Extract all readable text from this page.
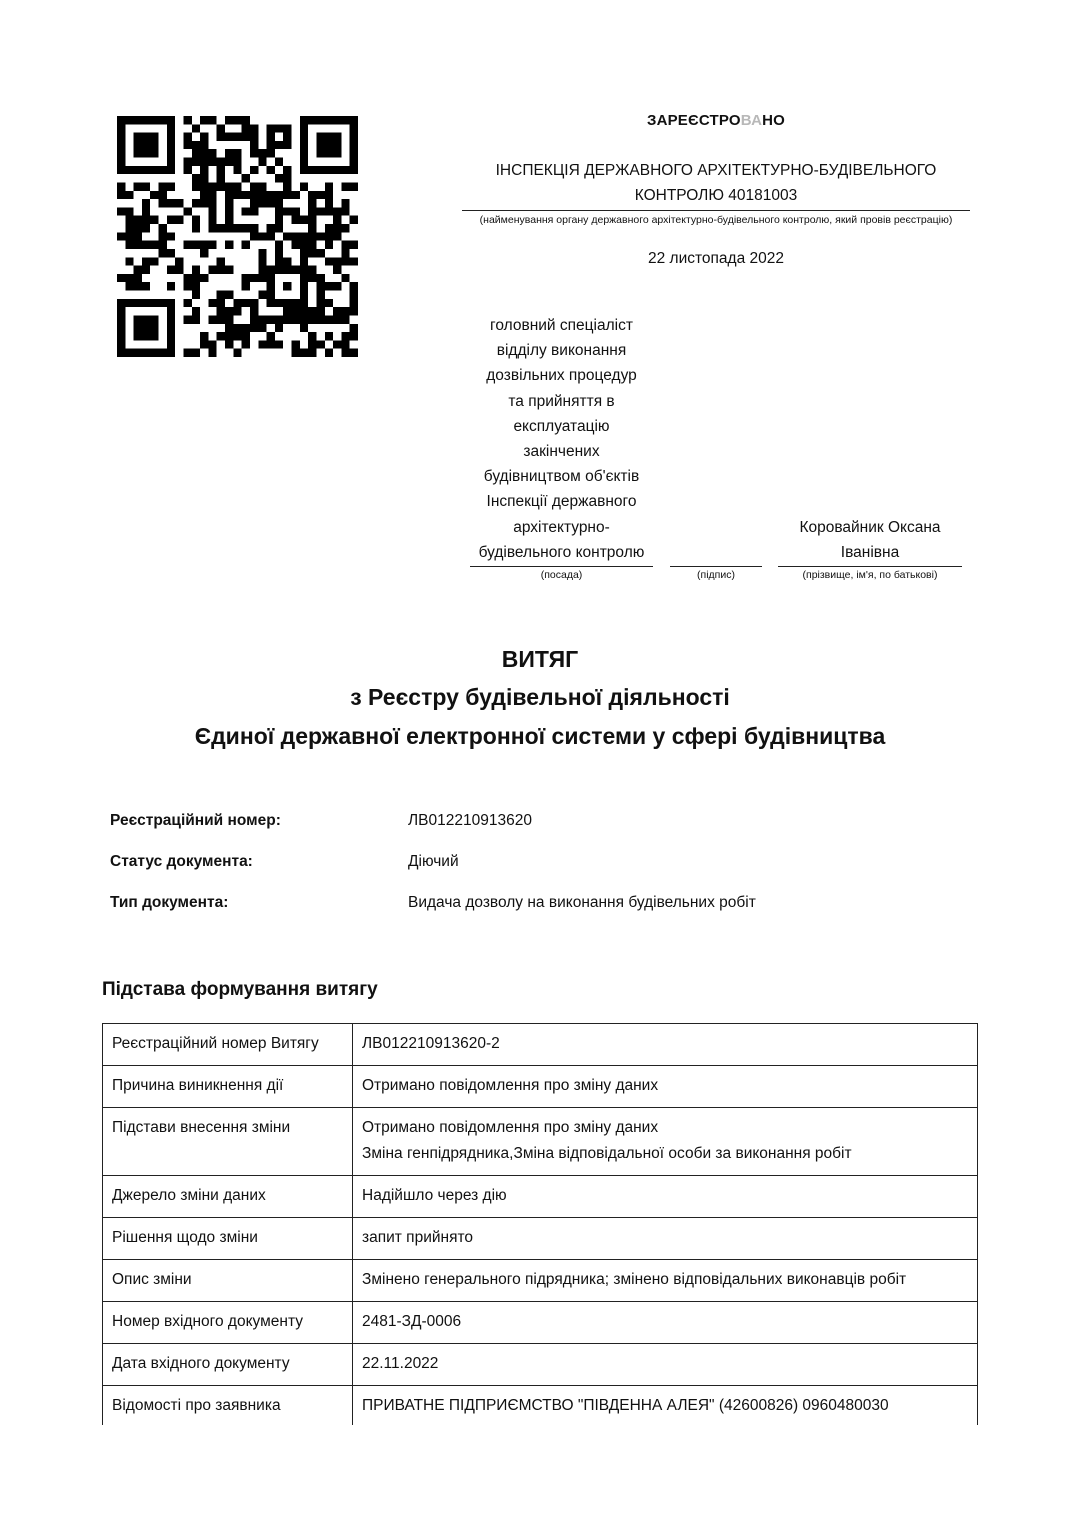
ЗАРЕЄСТРОВАНО
ІНСПЕКЦІЯ ДЕРЖАВНОГО АРХІТЕКТУРНО-БУДІВЕЛЬНОГО
КОНТРОЛЮ 40181003
(найменування органу державного архітектурно-будівельного контролю, який провів реєстрацію)
22 листопада 2022
головний спеціаліст
відділу виконання
дозвільних процедур
та прийняття в
експлуатацію
закінчених
будівництвом об'єктів
Інспекції державного
архітектурно-
будівельного контролю
(посада)	(підпис)
Коровайник Оксана
Іванівна
(прізвище, ім'я, по батькові)
ВИТЯГ
з Реєстру будівельної діяльності
Єдиної державної електронної системи у сфері будівництва
Реєстраційний номер:	ЛВ012210913620
Статус документа:	Діючий
Тип документа:	Видача дозволу на виконання будівельних робіт
Підстава формування витягу
Реєстраційний номер Витягу	ЛВ012210913620-2
Причина виникнення дії	Отримано повідомлення про зміну даних
Підстави внесення зміни	Отримано повідомлення про зміну даних
Зміна генпідрядника,Зміна відповідальної особи за виконання робіт

Джерело зміни даних	Надійшло через дію
Рішення щодо зміни	запит прийнято
Опис зміни	Змінено генерального підрядника; змінено відповідальних виконавців робіт
Номер вхідного документу	2481-ЗД-0006
Дата вхідного документу	22.11.2022
Відомості про заявника	ПРИВАТНЕ ПІДПРИЄМСТВО "ПІВДЕННА АЛЕЯ" (42600826) 0960480030
